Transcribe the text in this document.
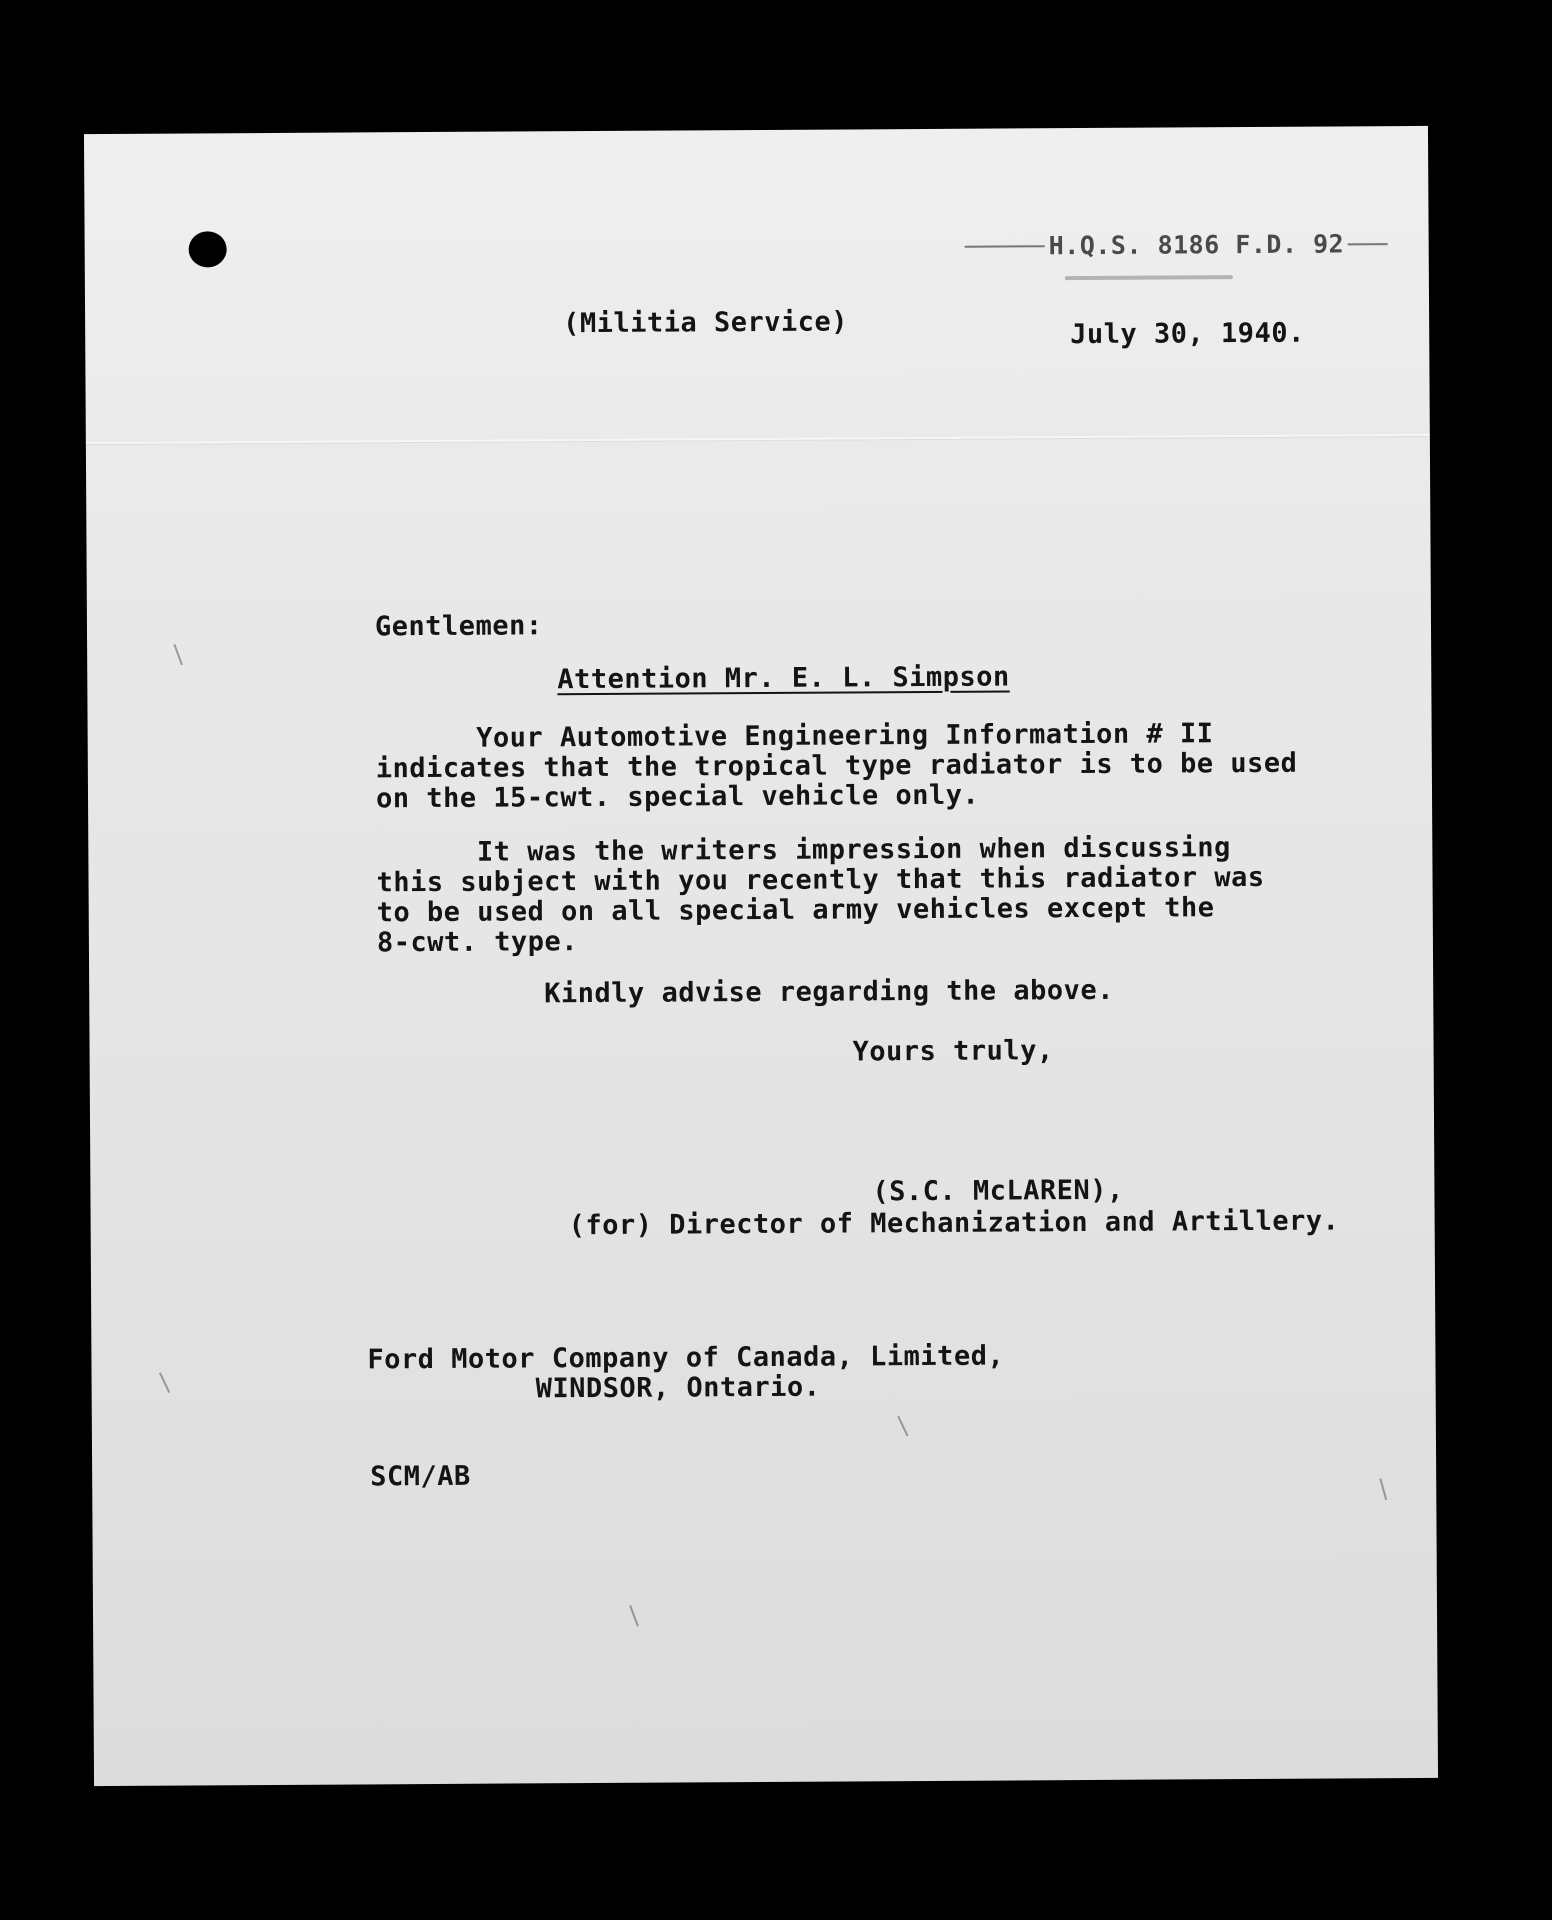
H.Q.S. 8186 F.D. 92
(Militia Service)	July 30, 1940.
Gentlemen:
Attention Mr. E. L. Simpson
Your Automotive Engineering Information # II
indicates that the tropical type radiator is to be used
on the 15-cwt. special vehicle only.
It was the writers impression when discussing
this subject with you recently that this radiator was
to be used on all special army vehicles except the
8-cwt. type.
Kindly advise regarding the above.
Yours truly,
(S.C. McLAREN),
(for) Director of Mechanization and Artillery.
Ford Motor Company of Canada, Limited,
WINDSOR, Ontario.
SCM/AB
